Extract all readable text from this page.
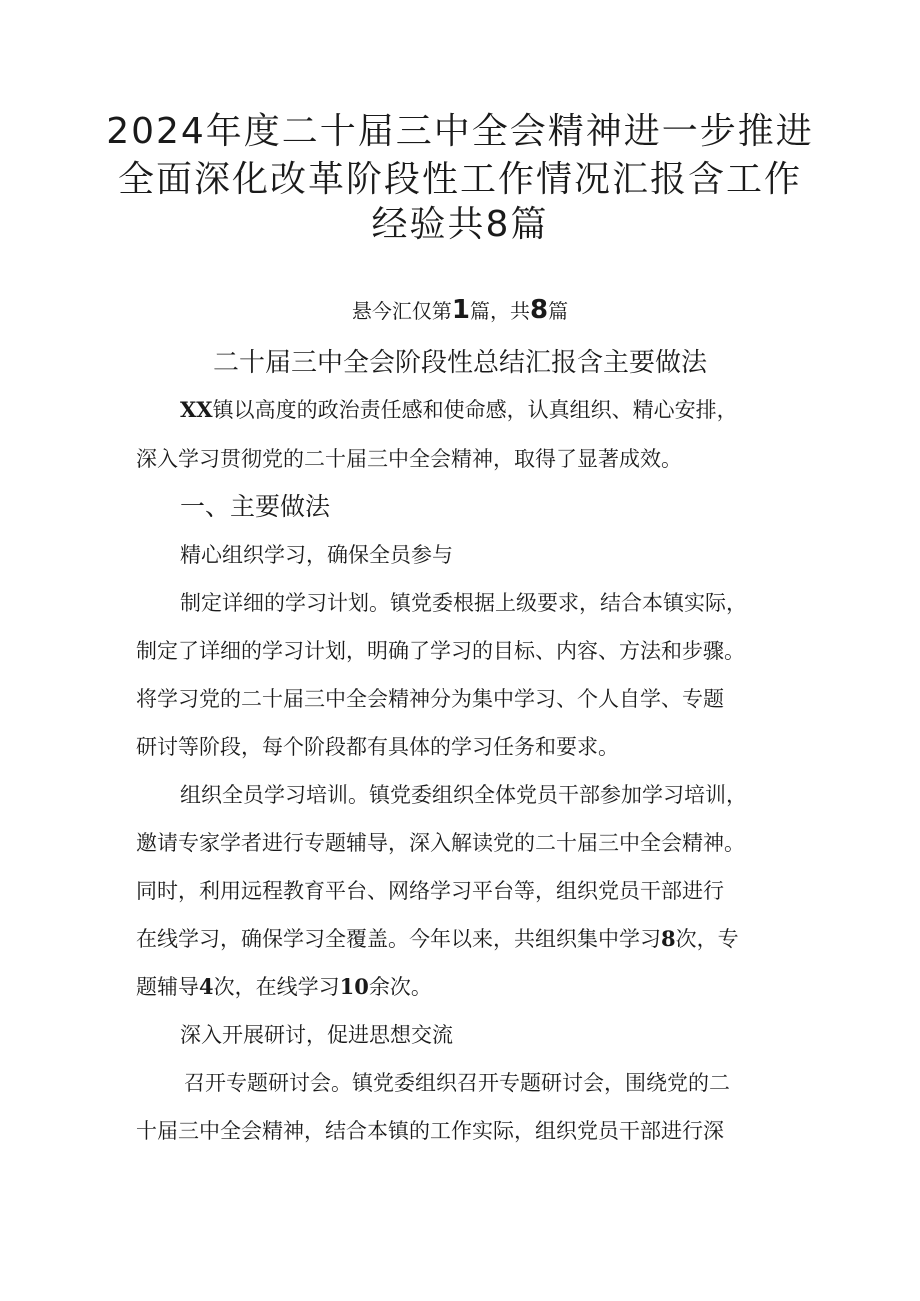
2024年度二十届三中全会精神进一步推进
全面深化改革阶段性工作情况汇报含工作
经验共8篇
悬今汇仅第1篇，共8篇
二十届三中全会阶段性总结汇报含主要做法
XX镇以高度的政治责任感和使命感，认真组织、精心安排，
深入学习贯彻党的二十届三中全会精神，取得了显著成效。
一、主要做法
精心组织学习，确保全员参与
制定详细的学习计划。镇党委根据上级要求，结合本镇实际，
制定了详细的学习计划，明确了学习的目标、内容、方法和步骤。
将学习党的二十届三中全会精神分为集中学习、个人自学、专题
研讨等阶段，每个阶段都有具体的学习任务和要求。
组织全员学习培训。镇党委组织全体党员干部参加学习培训，
邀请专家学者进行专题辅导，深入解读党的二十届三中全会精神。
同时，利用远程教育平台、网络学习平台等，组织党员干部进行
在线学习，确保学习全覆盖。今年以来，共组织集中学习8次，专
题辅导4次，在线学习10余次。
深入开展研讨，促进思想交流
召开专题研讨会。镇党委组织召开专题研讨会，围绕党的二
十届三中全会精神，结合本镇的工作实际，组织党员干部进行深
